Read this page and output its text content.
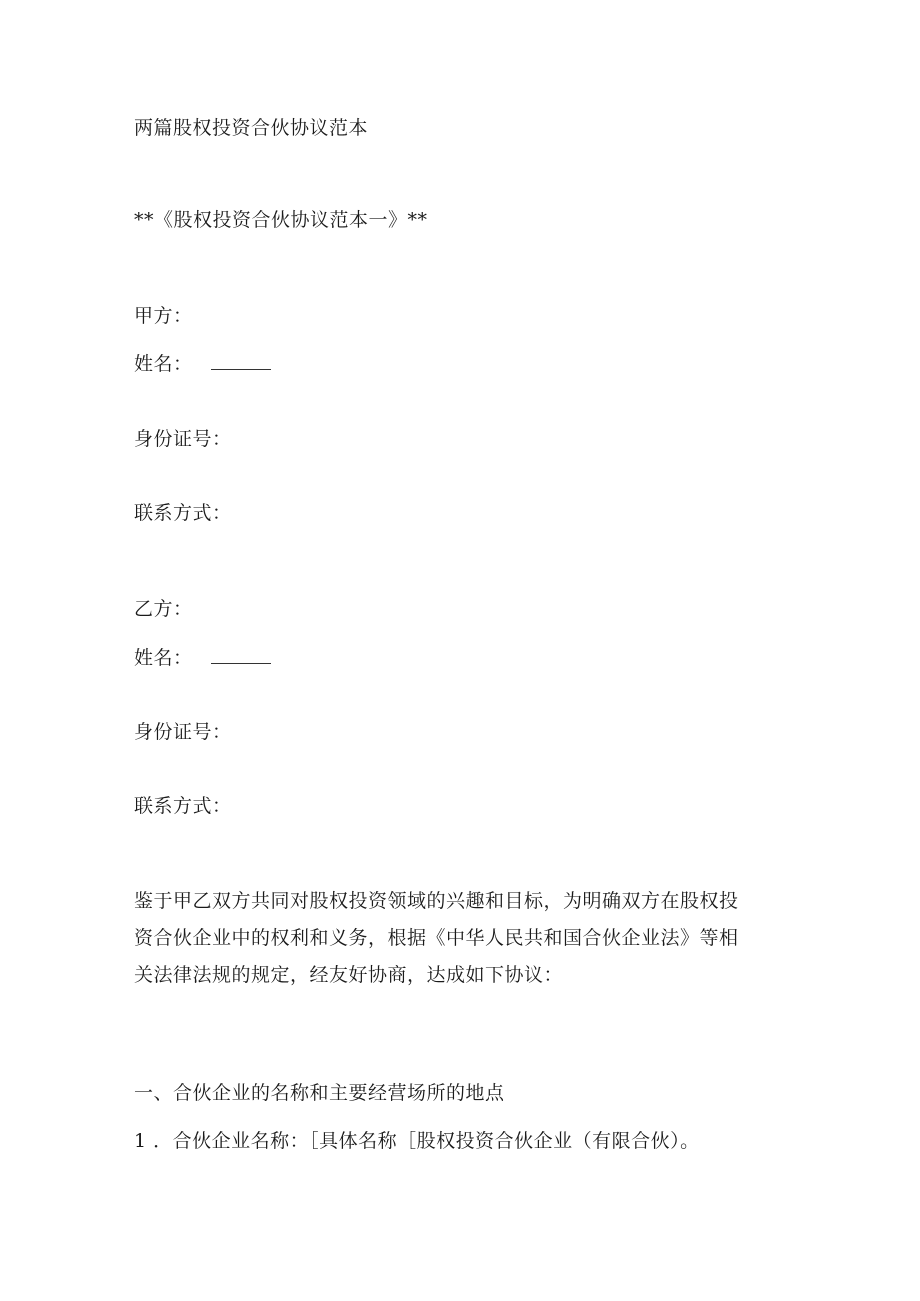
两篇股权投资合伙协议范本
**《股权投资合伙协议范本一》**
甲方：
姓名：
身份证号：
联系方式：
乙方：
姓名：
身份证号：
联系方式：
鉴于甲乙双方共同对股权投资领域的兴趣和目标，为明确双方在股权投
资合伙企业中的权利和义务，根据《中华人民共和国合伙企业法》等相
关法律法规的规定，经友好协商，达成如下协议：
一、合伙企业的名称和主要经营场所的地点
1 ．合伙企业名称：［具体名称［股权投资合伙企业（有限合伙）。
